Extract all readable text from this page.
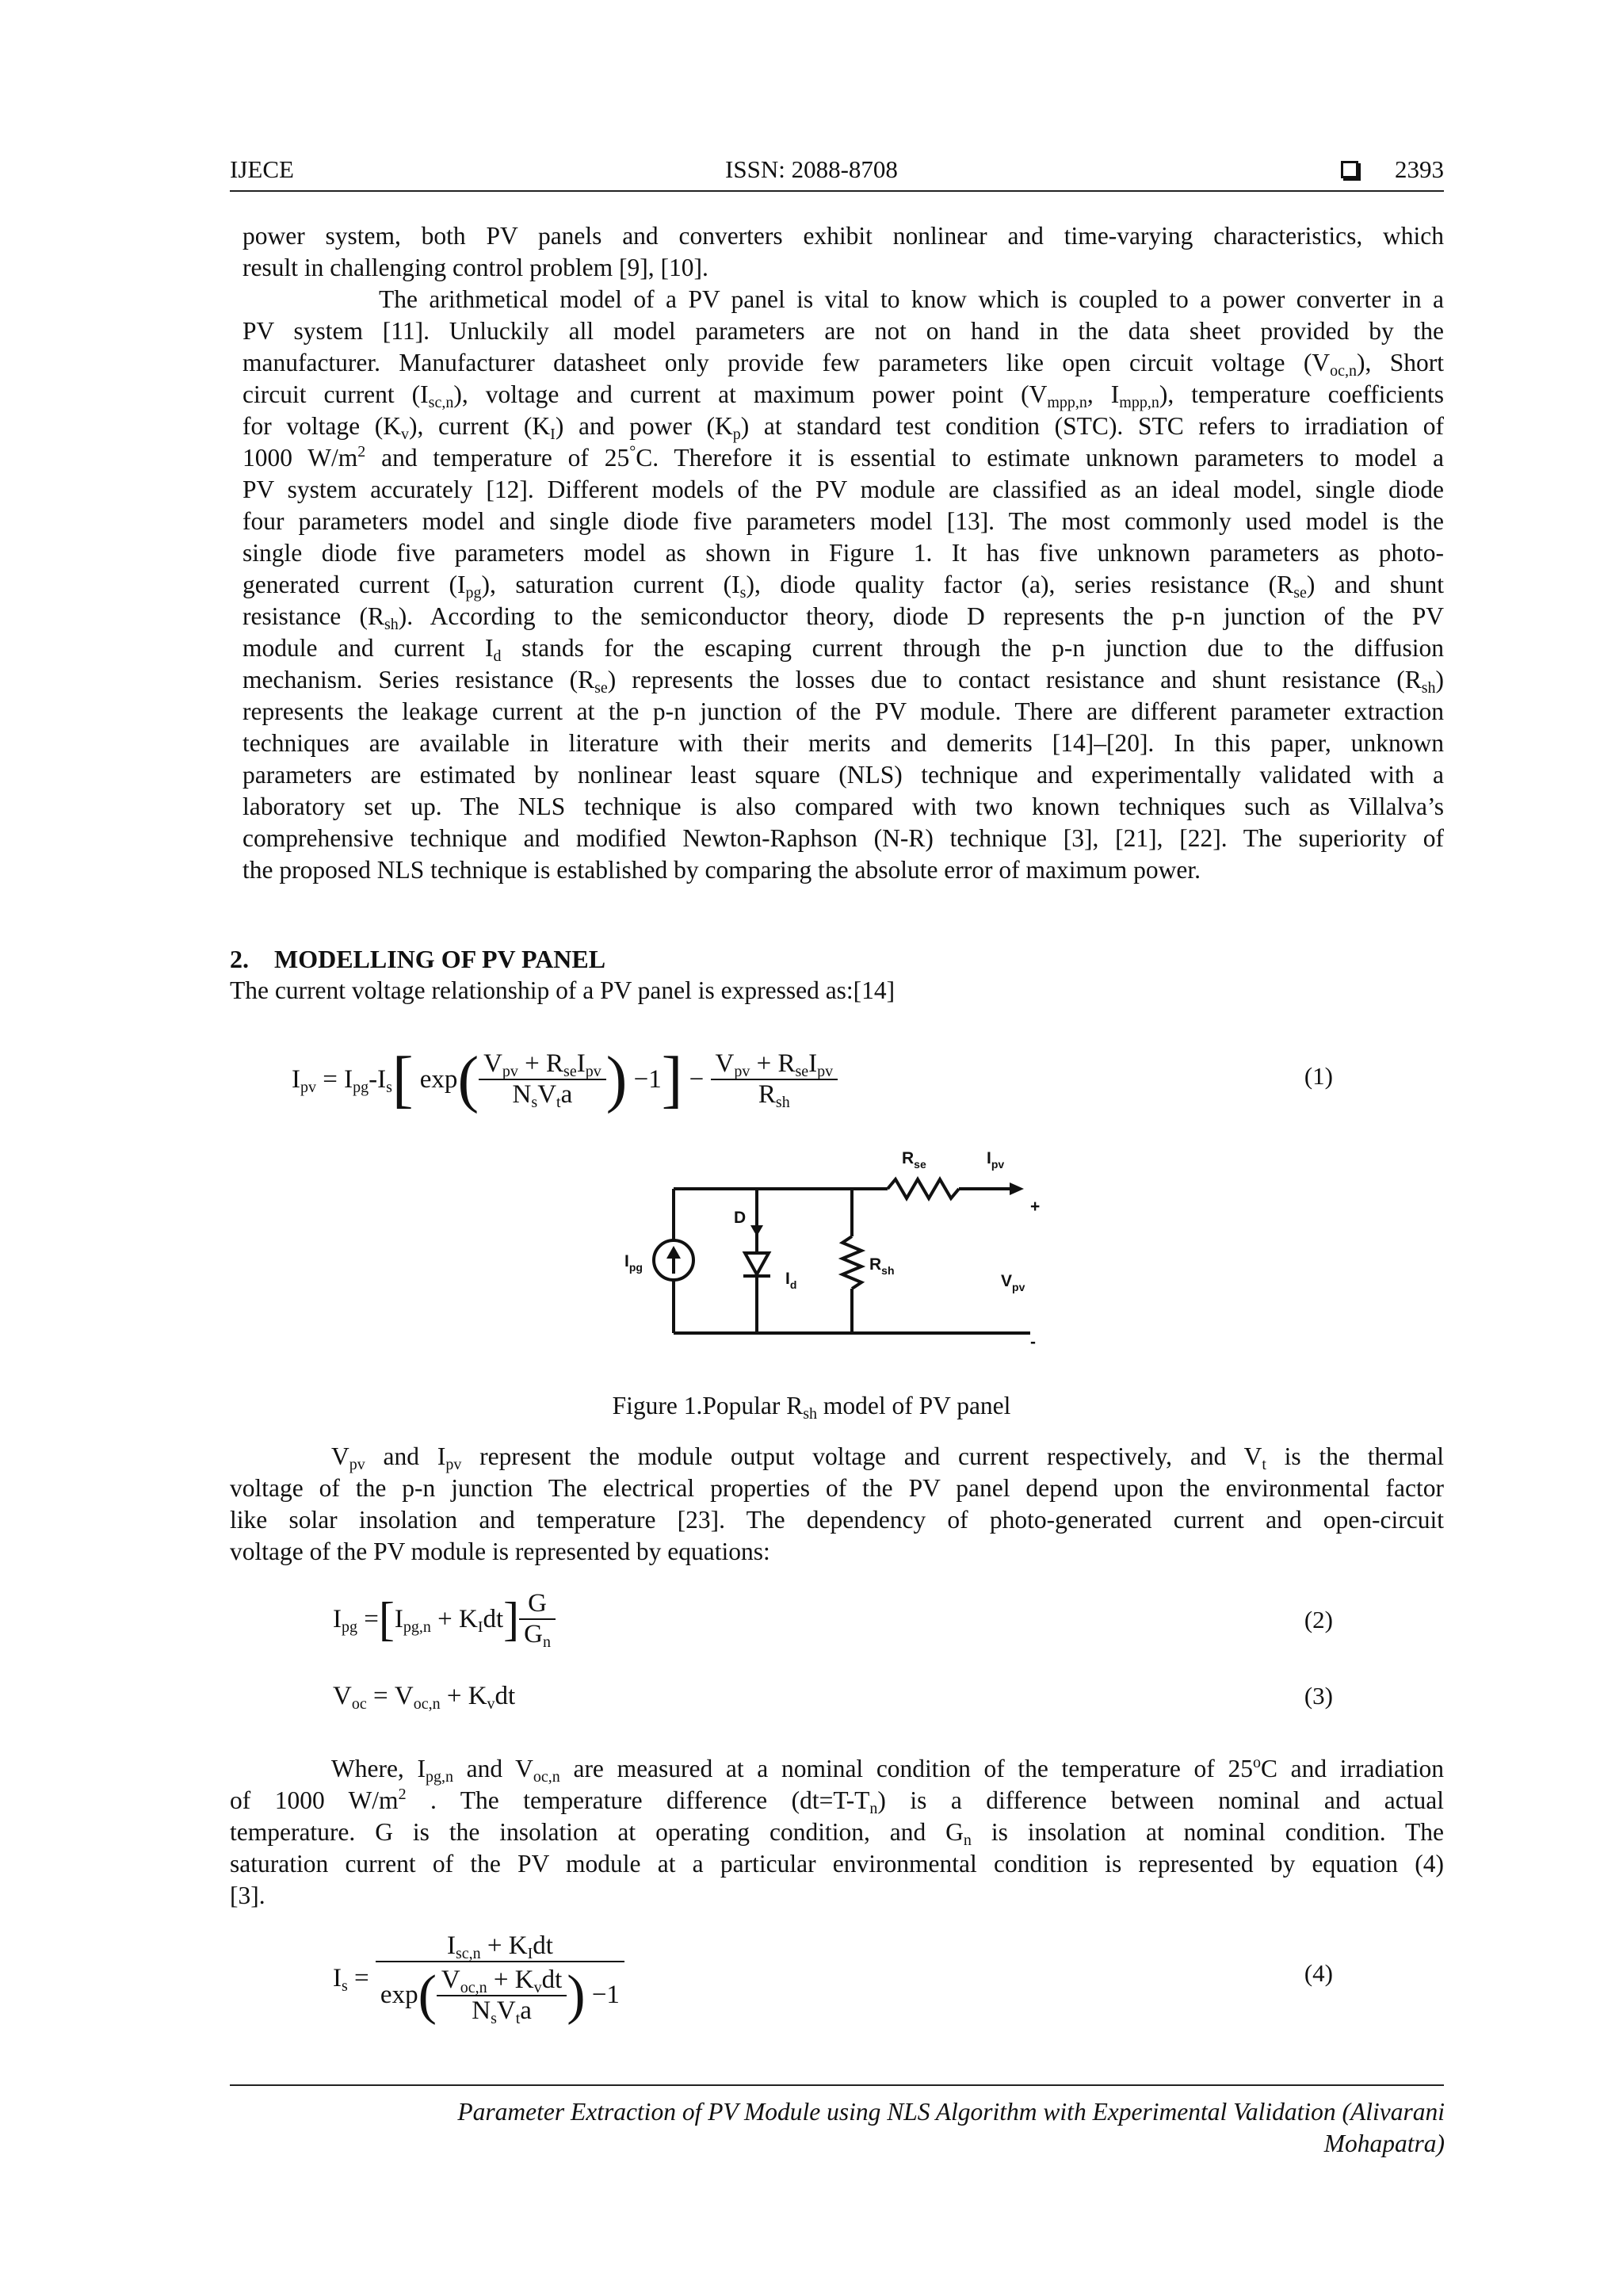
IJECE	ISSN: 2088-8708	2393
power system, both PV panels and converters exhibit nonlinear and time-varying characteristics, which
result in challenging control problem [9], [10].
The arithmetical model of a PV panel is vital to know which is coupled to a power converter in a
PV system [11]. Unluckily all model parameters are not on hand in the data sheet provided by the
manufacturer. Manufacturer datasheet only provide few parameters like open circuit voltage $(V_{oc,n})$, Short
circuit current $(I_{sc,n})$, voltage and current at maximum power point ($V_{mpp,n}$, $I_{mpp,n}$), temperature coefficients
for voltage $(K_v)$, current $(K_I)$ and power $(K_p)$ at standard test condition (STC). STC refers to irradiation of
1000 $W/m^2$ and temperature of 25°C. Therefore it is essential to estimate unknown parameters to model a
PV system accurately [12]. Different models of the PV module are classified as an ideal model, single diode
four parameters model and single diode five parameters model [13]. The most commonly used model is the
single diode five parameters model as shown in Figure 1. It has five unknown parameters as photo-
generated current $(I_{pg})$, saturation current $(I_s)$, diode quality factor (a), series resistance $(R_{se})$ and shunt
resistance $(R_{sh})$. According to the semiconductor theory, diode D represents the p-n junction of the PV
module and current $I_d$ stands for the escaping current through the p-n junction due to the diffusion
mechanism. Series resistance $(R_{se})$ represents the losses due to contact resistance and shunt resistance $(R_{sh})$
represents the leakage current at the p-n junction of the PV module. There are different parameter extraction
techniques are available in literature with their merits and demerits [14]–[20]. In this paper, unknown
parameters are estimated by nonlinear least square (NLS) technique and experimentally validated with a
laboratory set up. The NLS technique is also compared with two known techniques such as Villalva’s
comprehensive technique and modified Newton-Raphson (N-R) technique [3], [21], [22]. The superiority of
the proposed NLS technique is established by comparing the absolute error of maximum power.
2. MODELLING OF PV PANEL
The current voltage relationship of a PV panel is expressed as:[14]
$I_{pv} = I_{pg}-I_s$ [ exp ( $\frac{V_{pv} + R_{se}I_{pv}}{N_sV_ta}$ ) −1 ] − $\frac{V_{pv} + R_{se}I_{pv}}{R_{sh}}$	(1)
$R_{se}$	$I_{pv}$
+
-
D
$I_{pg}$
$I_d$
$R_{sh}$
$V_{pv}$
Figure 1.Popular $R_{sh}$ model of PV panel
$V_{pv}$ and $I_{pv}$ represent the module output voltage and current respectively, and $V_t$ is the thermal
voltage of the p-n junction The electrical properties of the PV panel depend upon the environmental factor
like solar insolation and temperature [23]. The dependency of photo-generated current and open-circuit
voltage of the PV module is represented by equations:
$I_{pg}$ = [ $I_{pg,n} + K_Idt$ ] $\frac{G}{G_n}$	(2)
$V_{oc} = V_{oc,n} + K_vdt$	(3)
Where, $I_{pg,n}$ and $V_{oc,n}$ are measured at a nominal condition of the temperature of 25$^o$C and irradiation
of 1000 $W/m^2$ . The temperature difference $(dt=T-T_n)$ is a difference between nominal and actual
temperature. G is the insolation at operating condition, and $G_n$ is insolation at nominal condition. The
saturation current of the PV module at a particular environmental condition is represented by equation (4)
[3].
$I_s = \frac{I_{sc,n} + K_Idt}{\exp ( \frac{V_{oc,n} + K_vdt}{N_sV_ta} ) -1}$	(4)
Parameter Extraction of PV Module using NLS Algorithm with Experimental Validation (Alivarani
Mohapatra)
